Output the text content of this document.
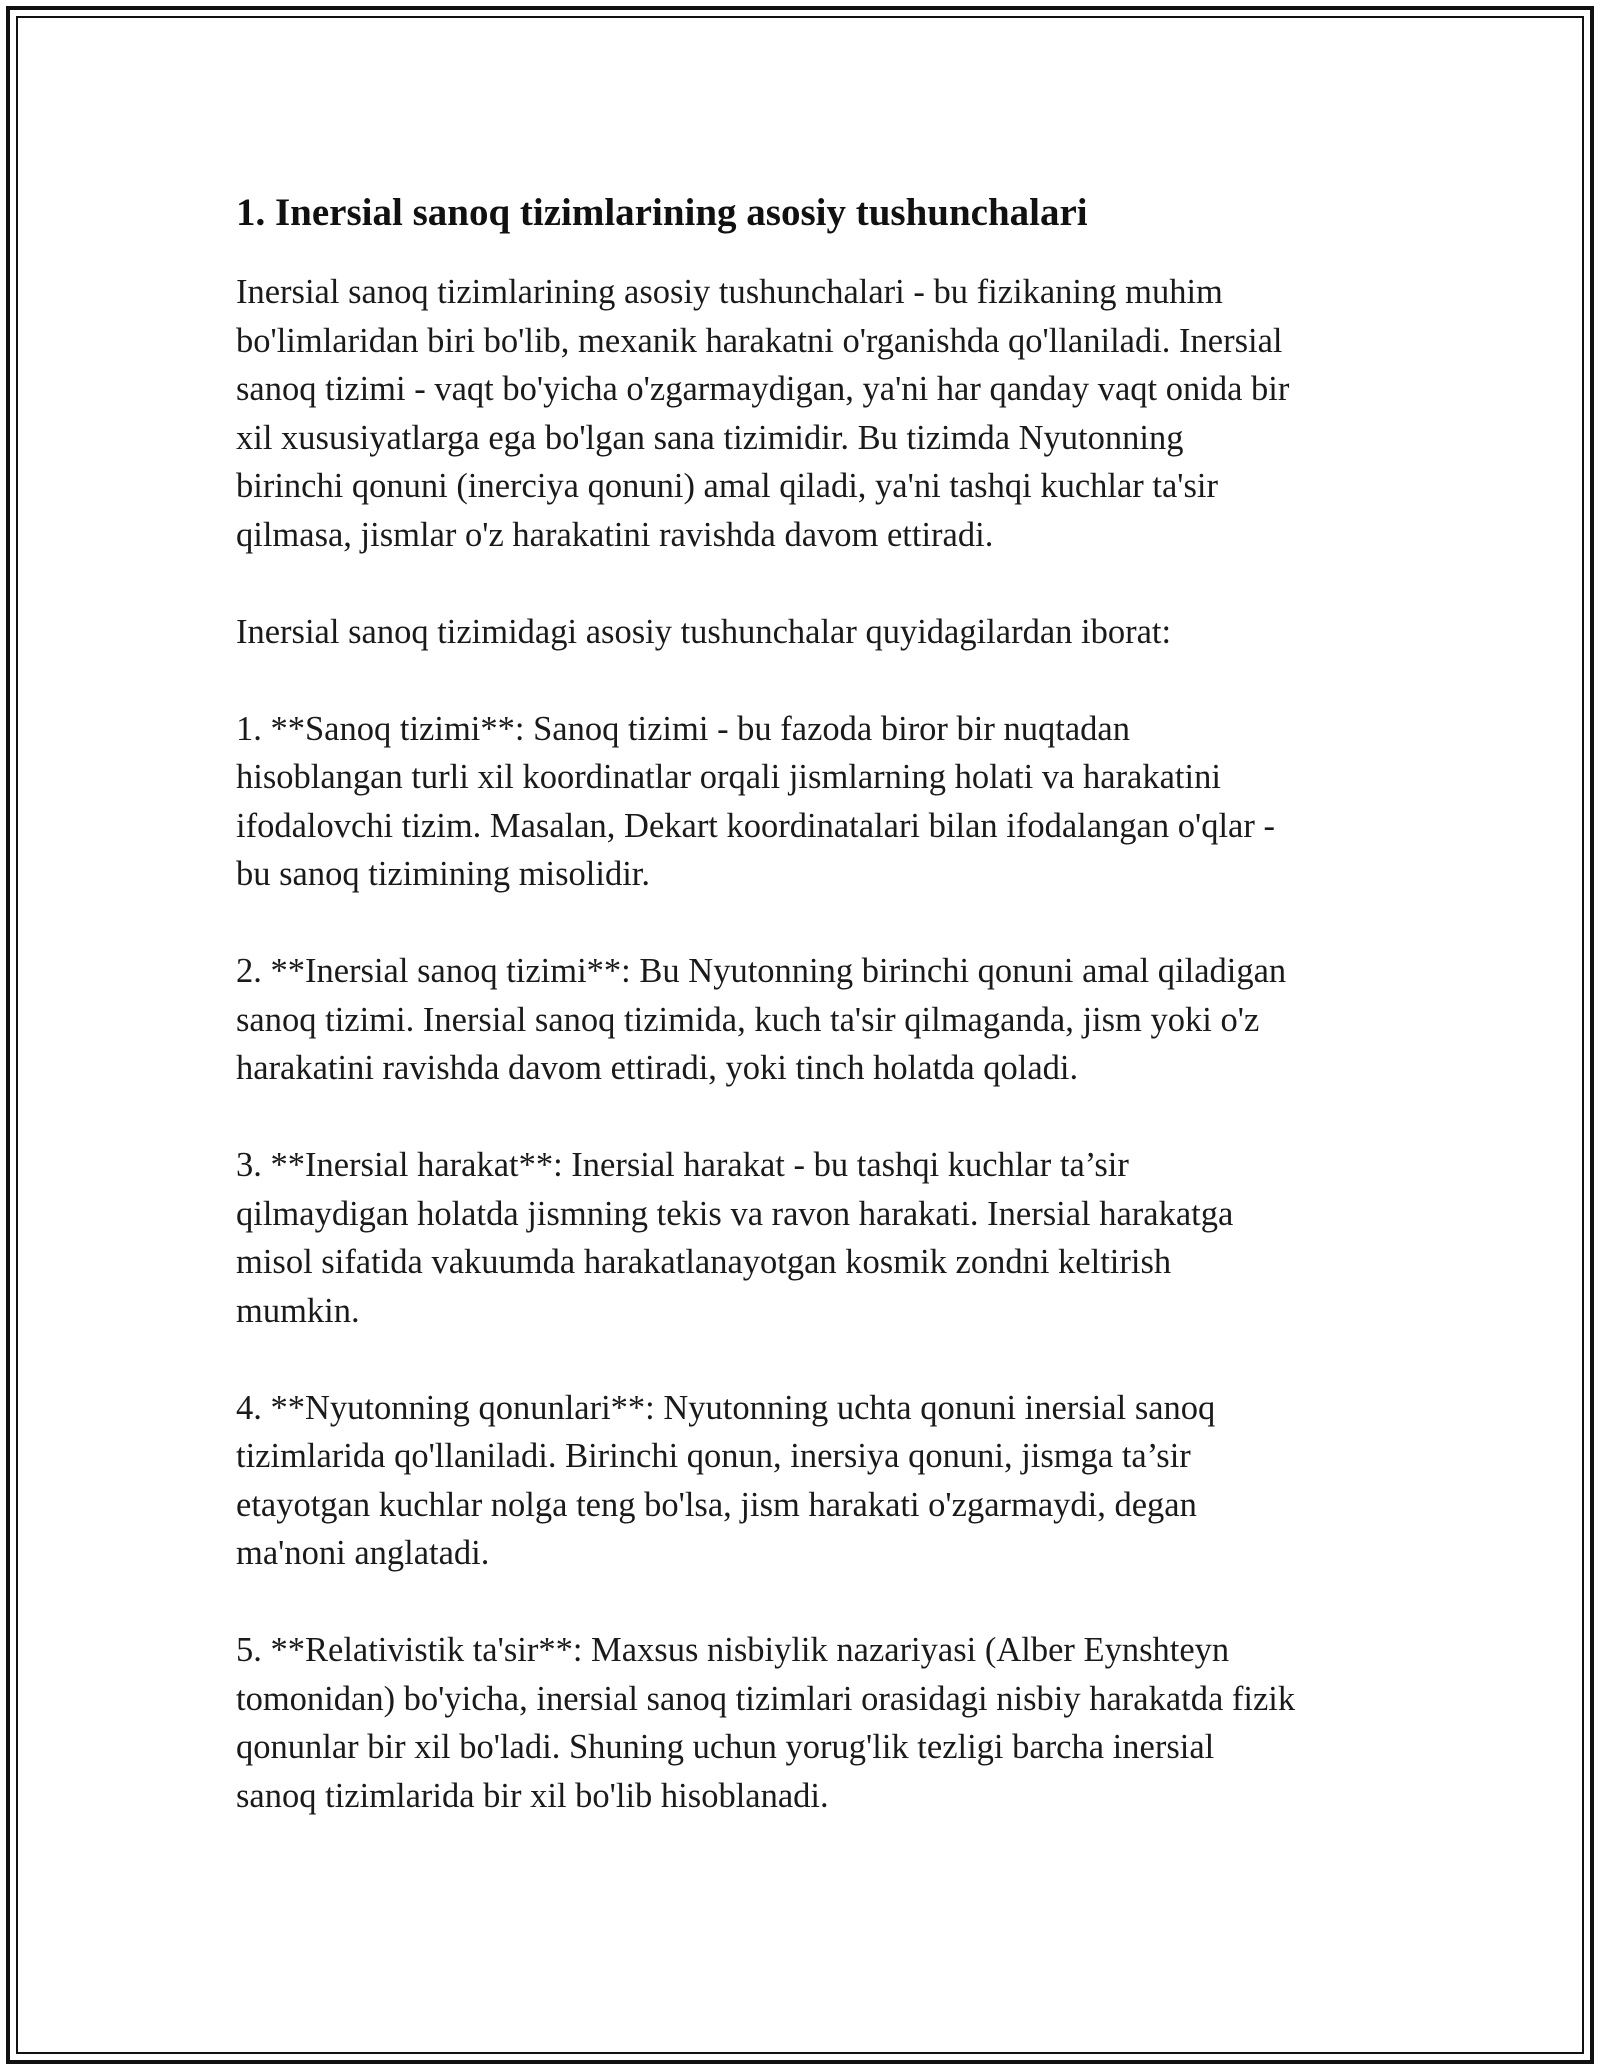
1. Inersial sanoq tizimlarining asosiy tushunchalari

Inersial sanoq tizimlarining asosiy tushunchalari - bu fizikaning muhim
bo'limlaridan biri bo'lib, mexanik harakatni o'rganishda qo'llaniladi. Inersial
sanoq tizimi - vaqt bo'yicha o'zgarmaydigan, ya'ni har qanday vaqt onida bir
xil xususiyatlarga ega bo'lgan sana tizimidir. Bu tizimda Nyutonning
birinchi qonuni (inerciya qonuni) amal qiladi, ya'ni tashqi kuchlar ta'sir
qilmasa, jismlar o'z harakatini ravishda davom ettiradi.

Inersial sanoq tizimidagi asosiy tushunchalar quyidagilardan iborat:

1. **Sanoq tizimi**: Sanoq tizimi - bu fazoda biror bir nuqtadan
hisoblangan turli xil koordinatlar orqali jismlarning holati va harakatini
ifodalovchi tizim. Masalan, Dekart koordinatalari bilan ifodalangan o'qlar -
bu sanoq tizimining misolidir.

2. **Inersial sanoq tizimi**: Bu Nyutonning birinchi qonuni amal qiladigan
sanoq tizimi. Inersial sanoq tizimida, kuch ta'sir qilmaganda, jism yoki o'z
harakatini ravishda davom ettiradi, yoki tinch holatda qoladi.

3. **Inersial harakat**: Inersial harakat - bu tashqi kuchlar ta’sir
qilmaydigan holatda jismning tekis va ravon harakati. Inersial harakatga
misol sifatida vakuumda harakatlanayotgan kosmik zondni keltirish
mumkin.

4. **Nyutonning qonunlari**: Nyutonning uchta qonuni inersial sanoq
tizimlarida qo'llaniladi. Birinchi qonun, inersiya qonuni, jismga ta’sir
etayotgan kuchlar nolga teng bo'lsa, jism harakati o'zgarmaydi, degan
ma'noni anglatadi.

5. **Relativistik ta'sir**: Maxsus nisbiylik nazariyasi (Alber Eynshteyn
tomonidan) bo'yicha, inersial sanoq tizimlari orasidagi nisbiy harakatda fizik
qonunlar bir xil bo'ladi. Shuning uchun yorug'lik tezligi barcha inersial
sanoq tizimlarida bir xil bo'lib hisoblanadi.
